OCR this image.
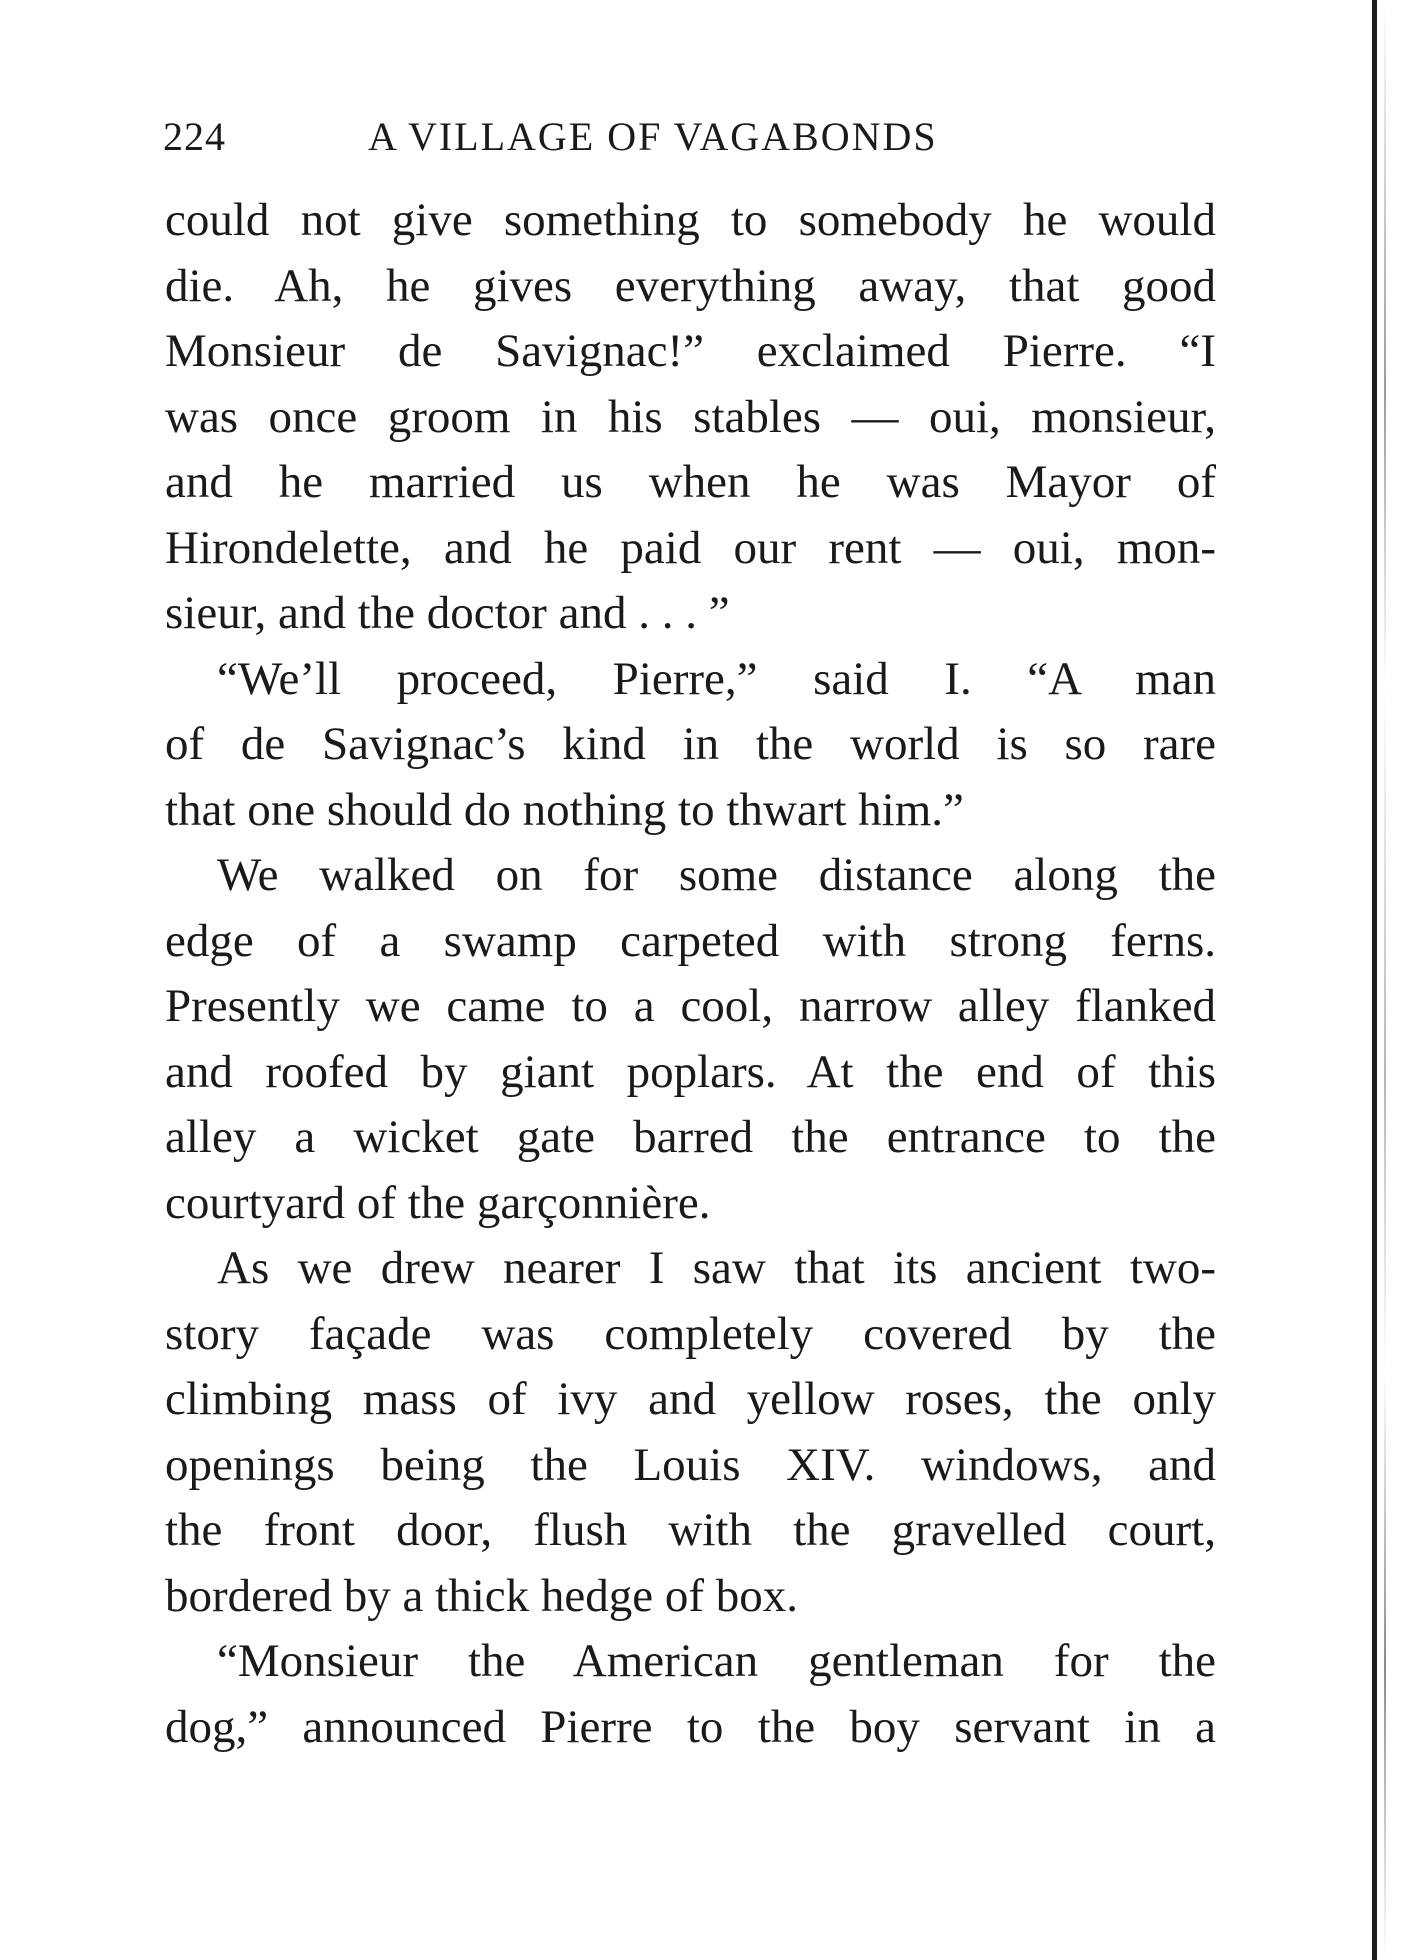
224	A VILLAGE OF VAGABONDS
could not give something to somebody he would
die. Ah, he gives everything away, that good
Monsieur de Savignac!” exclaimed Pierre. “I
was once groom in his stables — oui, monsieur,
and he married us when he was Mayor of
Hirondelette, and he paid our rent — oui, mon-
sieur, and the doctor and . . . ”
“We’ll proceed, Pierre,” said I. “A man
of de Savignac’s kind in the world is so rare
that one should do nothing to thwart him.”
We walked on for some distance along the
edge of a swamp carpeted with strong ferns.
Presently we came to a cool, narrow alley flanked
and roofed by giant poplars. At the end of this
alley a wicket gate barred the entrance to the
courtyard of the garçonnière.
As we drew nearer I saw that its ancient two-
story façade was completely covered by the
climbing mass of ivy and yellow roses, the only
openings being the Louis XIV. windows, and
the front door, flush with the gravelled court,
bordered by a thick hedge of box.
“Monsieur the American gentleman for the
dog,” announced Pierre to the boy servant in a
